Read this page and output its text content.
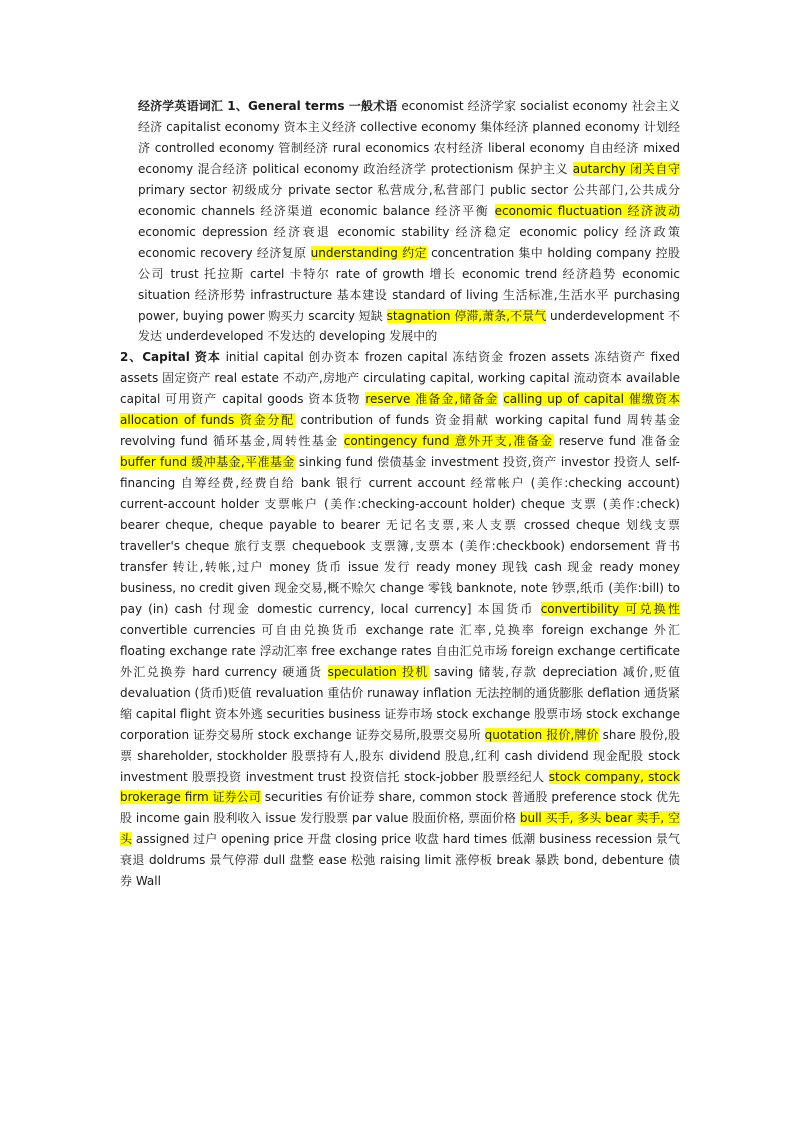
经济学英语词汇 1、General terms 一般术语 economist 经济学家 socialist economy 社会主义经济 capitalist economy 资本主义经济 collective economy 集体经济 planned economy 计划经济 controlled economy 管制经济 rural economics 农村经济 liberal economy 自由经济 mixed economy 混合经济 political economy 政治经济学 protectionism 保护主义 autarchy 闭关自守 primary sector 初级成分 private sector 私营成分,私营部门 public sector 公共部门,公共成分 economic channels 经济渠道 economic balance 经济平衡 economic fluctuation 经济波动 economic depression 经济衰退 economic stability 经济稳定 economic policy 经济政策 economic recovery 经济复原 understanding 约定 concentration 集中 holding company 控股公司 trust 托拉斯 cartel 卡特尔 rate of growth 增长 economic trend 经济趋势 economic situation 经济形势 infrastructure 基本建设 standard of living 生活标准,生活水平 purchasing power, buying power 购买力 scarcity 短缺 stagnation 停滞,萧条,不景气 underdevelopment 不发达 underdeveloped 不发达的 developing 发展中的

2、Capital 资本 initial capital 创办资本 frozen capital 冻结资金 frozen assets 冻结资产 fixed assets 固定资产 real estate 不动产,房地产 circulating capital, working capital 流动资本 available capital 可用资产 capital goods 资本货物 reserve 准备金,储备金 calling up of capital 催缴资本 allocation of funds 资金分配 contribution of funds 资金捐献 working capital fund 周转基金 revolving fund 循环基金,周转性基金 contingency fund 意外开支,准备金 reserve fund 准备金 buffer fund 缓冲基金,平准基金 sinking fund 偿债基金 investment 投资,资产 investor 投资人 self-financing 自筹经费,经费自给 bank 银行 current account 经常帐户 (美作:checking account) current-account holder 支票帐户 (美作:checking-account holder) cheque 支票 (美作:check) bearer cheque, cheque payable to bearer 无记名支票,来人支票 crossed cheque 划线支票 traveller's cheque 旅行支票 chequebook 支票簿,支票本 (美作:checkbook) endorsement 背书 transfer 转让,转帐,过户 money 货币 issue 发行 ready money 现钱 cash 现金 ready money business, no credit given 现金交易,概不赊欠 change 零钱 banknote, note 钞票,纸币 (美作:bill) to pay (in) cash 付现金 domestic currency, local currency] 本国货币 convertibility 可兑换性 convertible currencies 可自由兑换货币 exchange rate 汇率,兑换率 foreign exchange 外汇 floating exchange rate 浮动汇率 free exchange rates 自由汇兑市场 foreign exchange certificate 外汇兑换券 hard currency 硬通货 speculation 投机 saving 储装,存款 depreciation 减价,贬值 devaluation (货币)贬值 revaluation 重估价 runaway inflation 无法控制的通货膨胀 deflation 通货紧缩 capital flight 资本外逃 securities business 证券市场 stock exchange 股票市场 stock exchange corporation 证券交易所 stock exchange 证券交易所,股票交易所 quotation 报价,牌价 share 股份,股票 shareholder, stockholder 股票持有人,股东 dividend 股息,红利 cash dividend 现金配股 stock investment 股票投资 investment trust 投资信托 stock-jobber 股票经纪人 stock company, stock brokerage firm 证券公司 securities 有价证券 share, common stock 普通股 preference stock 优先股 income gain 股利收入 issue 发行股票 par value 股面价格, 票面价格 bull 买手, 多头 bear 卖手, 空头 assigned 过户 opening price 开盘 closing price 收盘 hard times 低潮 business recession 景气衰退 doldrums 景气停滞 dull 盘整 ease 松弛 raising limit 涨停板 break 暴跌 bond, debenture 债券 Wall
